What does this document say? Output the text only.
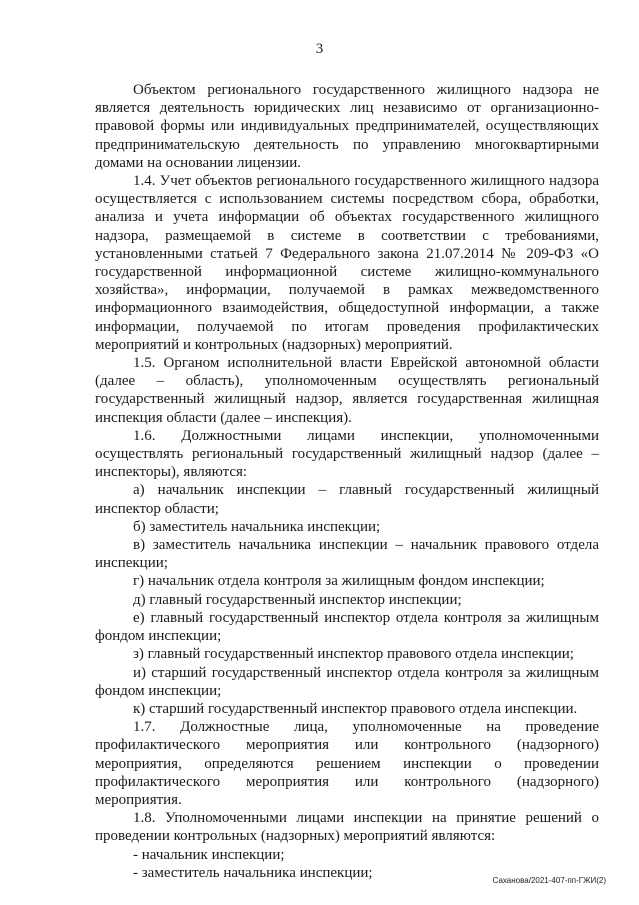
3

Объектом регионального государственного жилищного надзора не является деятельность юридических лиц независимо от организационно-правовой формы или индивидуальных предпринимателей, осуществляющих предпринимательскую деятельность по управлению многоквартирными домами на основании лицензии.

1.4. Учет объектов регионального государственного жилищного надзора осуществляется с использованием системы посредством сбора, обработки, анализа и учета информации об объектах государственного жилищного надзора, размещаемой в системе в соответствии с требованиями, установленными статьей 7 Федерального закона 21.07.2014 № 209-ФЗ «О государственной информационной системе жилищно-коммунального хозяйства», информации, получаемой в рамках межведомственного информационного взаимодействия, общедоступной информации, а также информации, получаемой по итогам проведения профилактических мероприятий и контрольных (надзорных) мероприятий.

1.5. Органом исполнительной власти Еврейской автономной области (далее – область), уполномоченным осуществлять региональный государственный жилищный надзор, является государственная жилищная инспекция области (далее – инспекция).

1.6. Должностными лицами инспекции, уполномоченными осуществлять региональный государственный жилищный надзор (далее – инспекторы), являются:

а) начальник инспекции – главный государственный жилищный инспектор области;

б) заместитель начальника инспекции;

в) заместитель начальника инспекции – начальник правового отдела инспекции;

г) начальник отдела контроля за жилищным фондом инспекции;

д) главный государственный инспектор инспекции;

е) главный государственный инспектор отдела контроля за жилищным фондом инспекции;

з) главный государственный инспектор правового отдела инспекции;

и) старший государственный инспектор отдела контроля за жилищным фондом инспекции;

к) старший государственный инспектор правового отдела инспекции.

1.7. Должностные лица, уполномоченные на проведение профилактического мероприятия или контрольного (надзорного) мероприятия, определяются решением инспекции о проведении профилактического мероприятия или контрольного (надзорного) мероприятия.

1.8. Уполномоченными лицами инспекции на принятие решений о проведении контрольных (надзорных) мероприятий являются:

- начальник инспекции;

- заместитель начальника инспекции;	Саханова/2021-407-пп-ГЖИ(2)
